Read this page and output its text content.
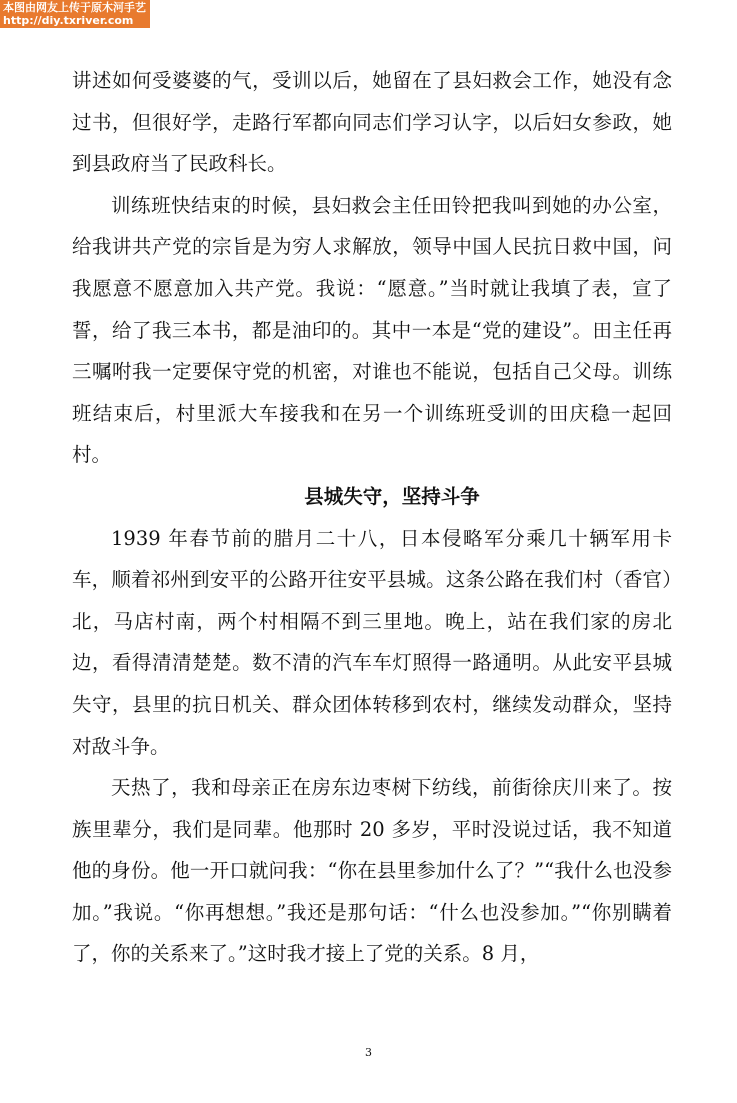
本图由网友上传于原木河手艺
http://diy.txriver.com

讲述如何受婆婆的气，受训以后，她留在了县妇救会工作，她没有念过书，但很好学，走路行军都向同志们学习认字，以后妇女参政，她到县政府当了民政科长。

训练班快结束的时候，县妇救会主任田铃把我叫到她的办公室，给我讲共产党的宗旨是为穷人求解放，领导中国人民抗日救中国，问我愿意不愿意加入共产党。我说：“愿意。”当时就让我填了表，宣了誓，给了我三本书，都是油印的。其中一本是“党的建设”。田主任再三嘱咐我一定要保守党的机密，对谁也不能说，包括自己父母。训练班结束后，村里派大车接我和在另一个训练班受训的田庆稳一起回村。

县城失守，坚持斗争

1939 年春节前的腊月二十八，日本侵略军分乘几十辆军用卡车，顺着祁州到安平的公路开往安平县城。这条公路在我们村（香官）北，马店村南，两个村相隔不到三里地。晚上，站在我们家的房北边，看得清清楚楚。数不清的汽车车灯照得一路通明。从此安平县城失守，县里的抗日机关、群众团体转移到农村，继续发动群众，坚持对敌斗争。

天热了，我和母亲正在房东边枣树下纺线，前街徐庆川来了。按族里辈分，我们是同辈。他那时 20 多岁，平时没说过话，我不知道他的身份。他一开口就问我：“你在县里参加什么了？”“我什么也没参加。”我说。“你再想想。”我还是那句话：“什么也没参加。”“你别瞒着了，你的关系来了。”这时我才接上了党的关系。8 月，

3
